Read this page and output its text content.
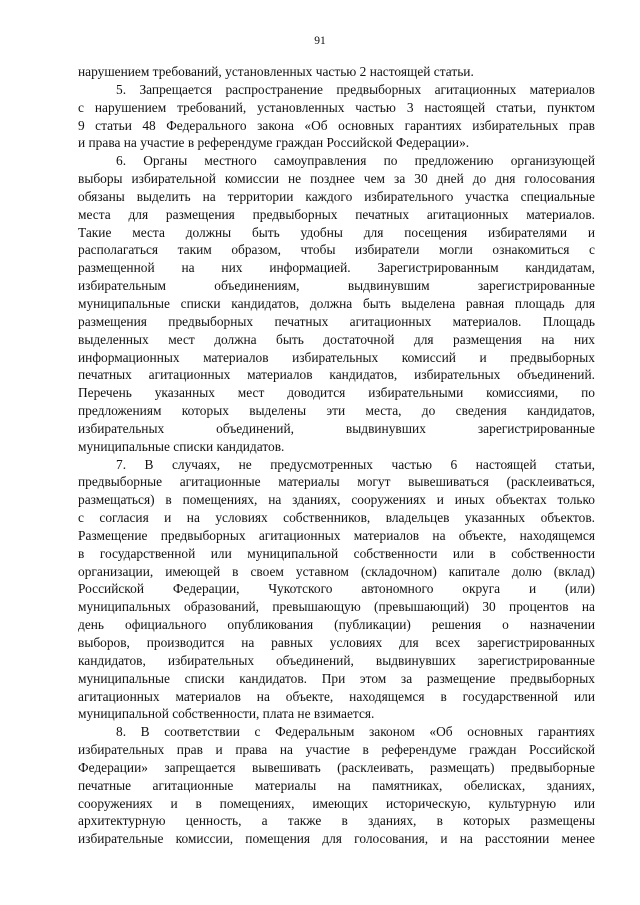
91
нарушением требований, установленных частью 2 настоящей статьи.
5. Запрещается распространение предвыборных агитационных материалов
с нарушением требований, установленных частью 3 настоящей статьи, пунктом
9 статьи 48 Федерального закона «Об основных гарантиях избирательных прав
и права на участие в референдуме граждан Российской Федерации».
6. Органы местного самоуправления по предложению организующей
выборы избирательной комиссии не позднее чем за 30 дней до дня голосования
обязаны выделить на территории каждого избирательного участка специальные
места для размещения предвыборных печатных агитационных материалов.
Такие места должны быть удобны для посещения избирателями и
располагаться таким образом, чтобы избиратели могли ознакомиться с
размещенной на них информацией. Зарегистрированным кандидатам,
избирательным объединениям, выдвинувшим зарегистрированные
муниципальные списки кандидатов, должна быть выделена равная площадь для
размещения предвыборных печатных агитационных материалов. Площадь
выделенных мест должна быть достаточной для размещения на них
информационных материалов избирательных комиссий и предвыборных
печатных агитационных материалов кандидатов, избирательных объединений.
Перечень указанных мест доводится избирательными комиссиями, по
предложениям которых выделены эти места, до сведения кандидатов,
избирательных объединений, выдвинувших зарегистрированные
муниципальные списки кандидатов.
7. В случаях, не предусмотренных частью 6 настоящей статьи,
предвыборные агитационные материалы могут вывешиваться (расклеиваться,
размещаться) в помещениях, на зданиях, сооружениях и иных объектах только
с согласия и на условиях собственников, владельцев указанных объектов.
Размещение предвыборных агитационных материалов на объекте, находящемся
в государственной или муниципальной собственности или в собственности
организации, имеющей в своем уставном (складочном) капитале долю (вклад)
Российской Федерации, Чукотского автономного округа и (или)
муниципальных образований, превышающую (превышающий) 30 процентов на
день официального опубликования (публикации) решения о назначении
выборов, производится на равных условиях для всех зарегистрированных
кандидатов, избирательных объединений, выдвинувших зарегистрированные
муниципальные списки кандидатов. При этом за размещение предвыборных
агитационных материалов на объекте, находящемся в государственной или
муниципальной собственности, плата не взимается.
8. В соответствии с Федеральным законом «Об основных гарантиях
избирательных прав и права на участие в референдуме граждан Российской
Федерации» запрещается вывешивать (расклеивать, размещать) предвыборные
печатные агитационные материалы на памятниках, обелисках, зданиях,
сооружениях и в помещениях, имеющих историческую, культурную или
архитектурную ценность, а также в зданиях, в которых размещены
избирательные комиссии, помещения для голосования, и на расстоянии менее
